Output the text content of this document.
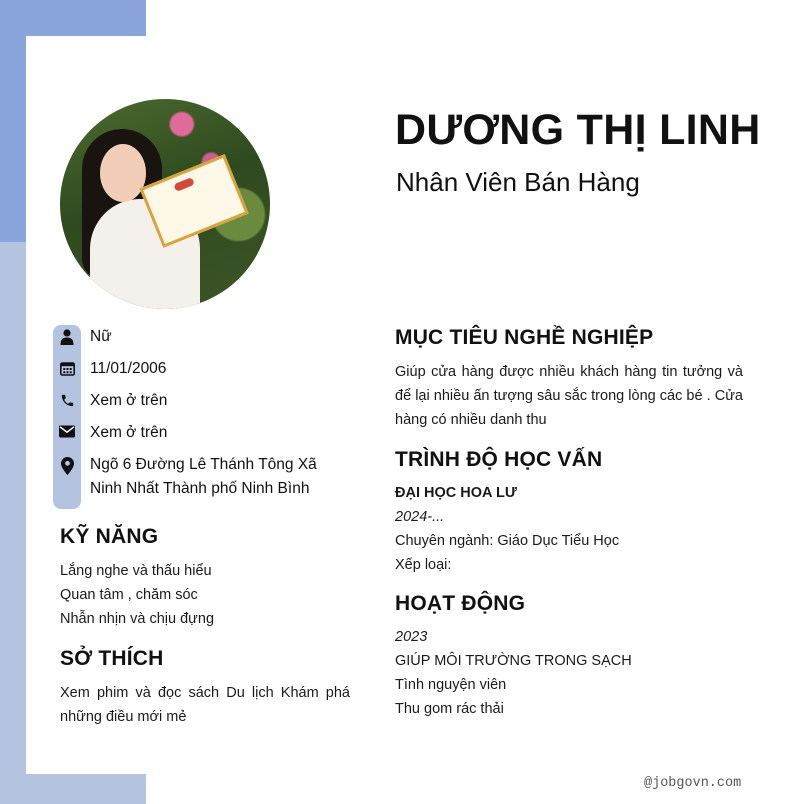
DƯƠNG THỊ LINH

Nhân Viên Bán Hàng

Nữ
11/01/2006
Xem ở trên
Xem ở trên
Ngõ 6 Đường Lê Thánh Tông Xã Ninh Nhất Thành phố Ninh Bình
KỸ NĂNG
Lắng nghe và thấu hiểu
Quan tâm , chăm sóc
Nhẫn nhịn và chịu đựng
SỞ THÍCH
Xem phim và đọc sách Du lịch Khám phá những điều mới mẻ
MỤC TIÊU NGHỀ NGHIỆP
Giúp cửa hàng được nhiều khách hàng tin tưởng và để lại nhiều ấn tượng sâu sắc trong lòng các bé . Cửa hàng có nhiều danh thu
TRÌNH ĐỘ HỌC VẤN
ĐẠI HỌC HOA LƯ
2024-...
Chuyên ngành: Giáo Dục Tiểu Học
Xếp loại:
HOẠT ĐỘNG
2023
GIÚP MÔI TRƯỜNG TRONG SẠCH
Tình nguyện viên
Thu gom rác thải
@jobgovn.com
